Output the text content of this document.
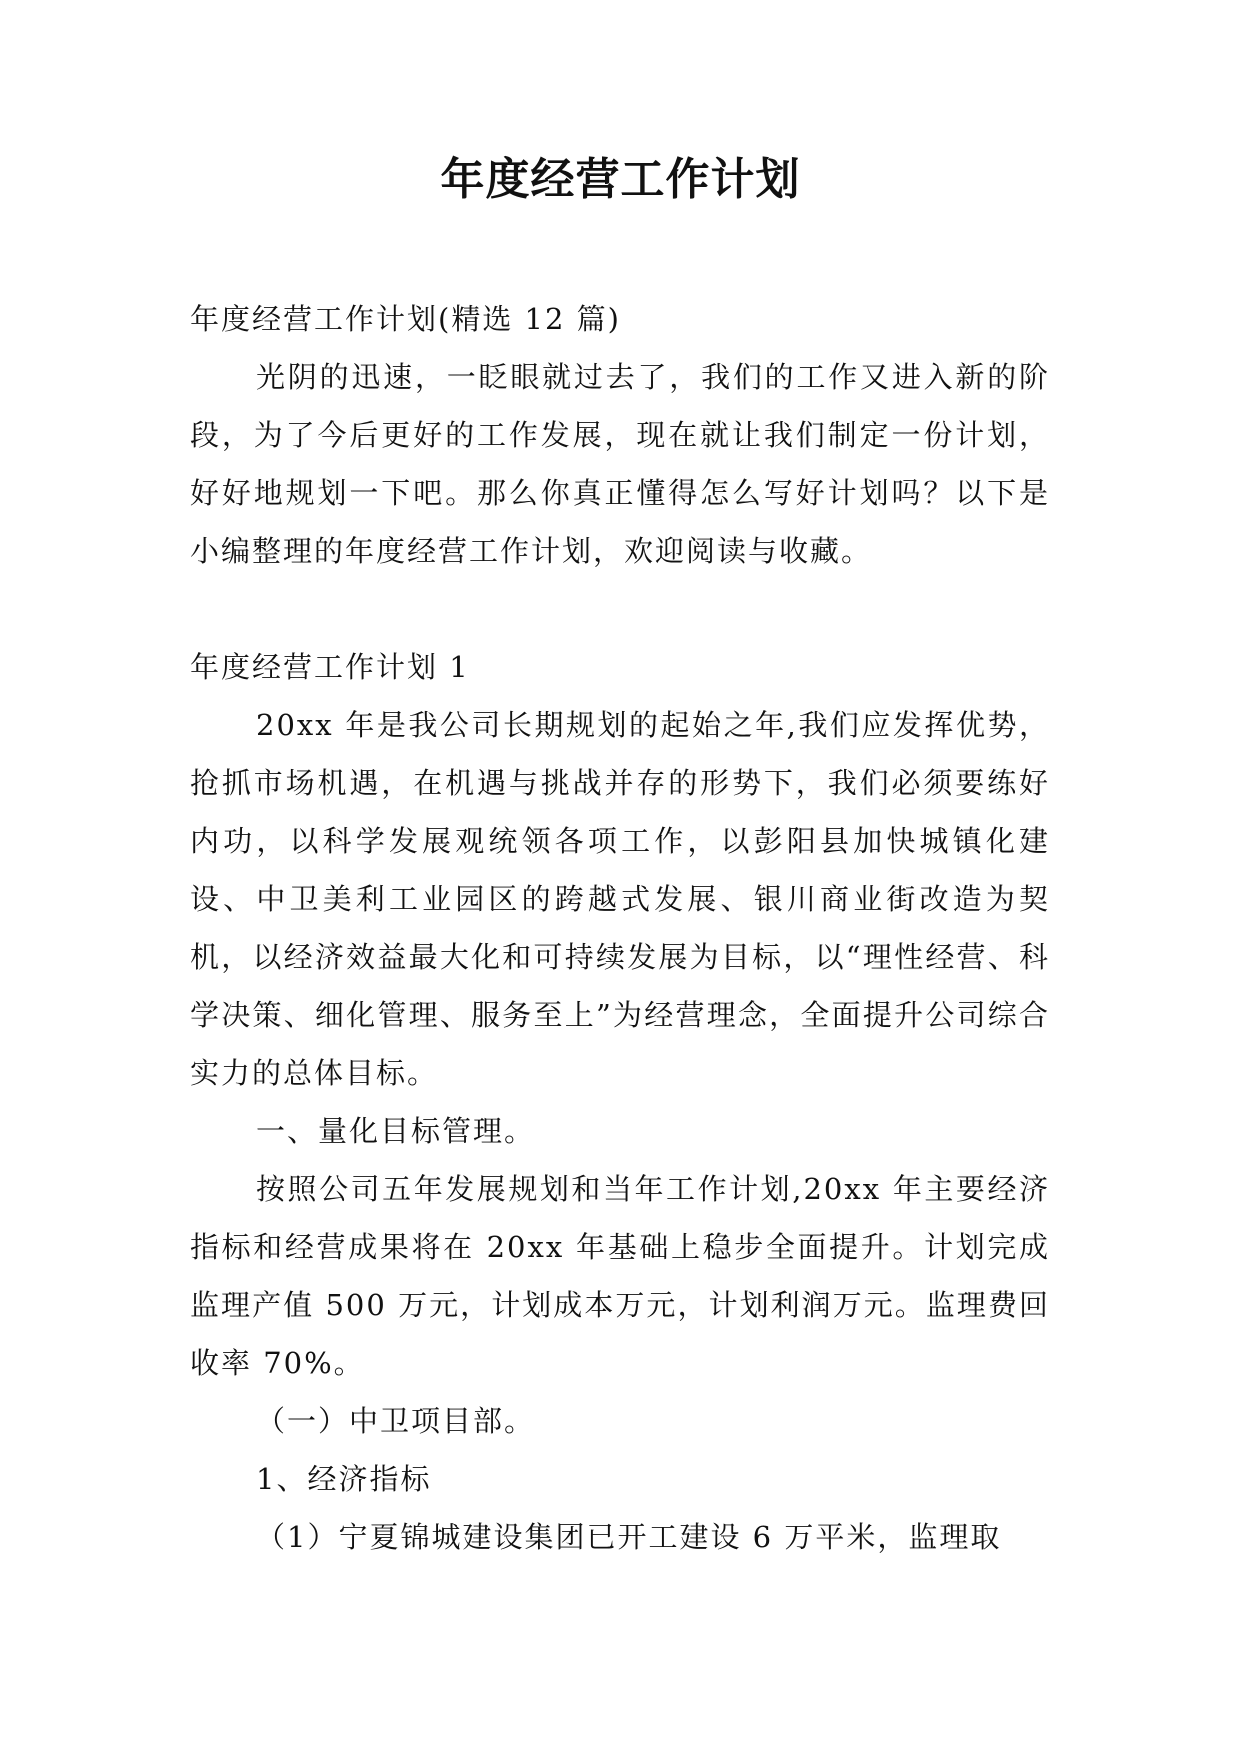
年度经营工作计划

年度经营工作计划(精选 12 篇)

光阴的迅速，一眨眼就过去了，我们的工作又进入新的阶段，为了今后更好的工作发展，现在就让我们制定一份计划，好好地规划一下吧。那么你真正懂得怎么写好计划吗？以下是小编整理的年度经营工作计划，欢迎阅读与收藏。

年度经营工作计划 1

20xx 年是我公司长期规划的起始之年,我们应发挥优势，抢抓市场机遇，在机遇与挑战并存的形势下，我们必须要练好内功，以科学发展观统领各项工作，以彭阳县加快城镇化建设、中卫美利工业园区的跨越式发展、银川商业街改造为契机，以经济效益最大化和可持续发展为目标，以“理性经营、科学决策、细化管理、服务至上”为经营理念，全面提升公司综合实力的总体目标。

一、量化目标管理。

按照公司五年发展规划和当年工作计划,20xx 年主要经济指标和经营成果将在 20xx 年基础上稳步全面提升。计划完成监理产值 500 万元，计划成本万元，计划利润万元。监理费回收率 70%。

（一）中卫项目部。

1、经济指标

（1）宁夏锦城建设集团已开工建设 6 万平米，监理取
